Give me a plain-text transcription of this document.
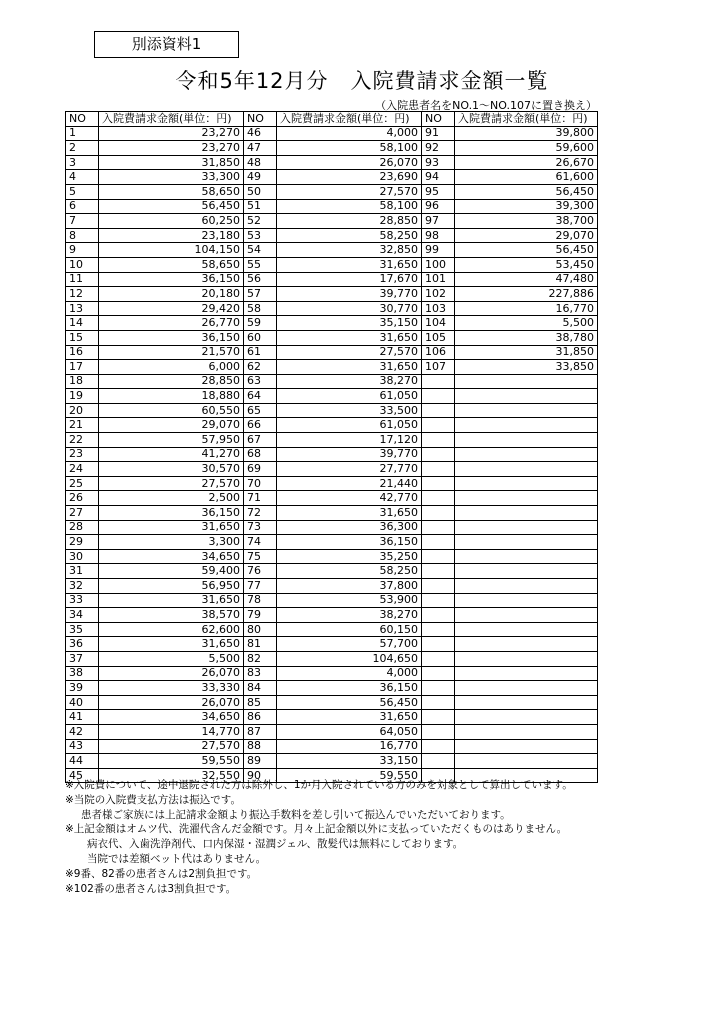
別添資料1
令和5年12月分　入院費請求金額一覧
（入院患者名をNO.1～NO.107に置き換え）
NO	入院費請求金額(単位：円)	NO	入院費請求金額(単位：円)	NO	入院費請求金額(単位：円)
1	23,270	46	4,000	91	39,800
2	23,270	47	58,100	92	59,600
3	31,850	48	26,070	93	26,670
4	33,300	49	23,690	94	61,600
5	58,650	50	27,570	95	56,450
6	56,450	51	58,100	96	39,300
7	60,250	52	28,850	97	38,700
8	23,180	53	58,250	98	29,070
9	104,150	54	32,850	99	56,450
10	58,650	55	31,650	100	53,450
11	36,150	56	17,670	101	47,480
12	20,180	57	39,770	102	227,886
13	29,420	58	30,770	103	16,770
14	26,770	59	35,150	104	5,500
15	36,150	60	31,650	105	38,780
16	21,570	61	27,570	106	31,850
17	6,000	62	31,650	107	33,850
18	28,850	63	38,270		
19	18,880	64	61,050		
20	60,550	65	33,500		
21	29,070	66	61,050		
22	57,950	67	17,120		
23	41,270	68	39,770		
24	30,570	69	27,770		
25	27,570	70	21,440		
26	2,500	71	42,770		
27	36,150	72	31,650		
28	31,650	73	36,300		
29	3,300	74	36,150		
30	34,650	75	35,250		
31	59,400	76	58,250		
32	56,950	77	37,800		
33	31,650	78	53,900		
34	38,570	79	38,270		
35	62,600	80	60,150		
36	31,650	81	57,700		
37	5,500	82	104,650		
38	26,070	83	4,000		
39	33,330	84	36,150		
40	26,070	85	56,450		
41	34,650	86	31,650		
42	14,770	87	64,050		
43	27,570	88	16,770		
44	59,550	89	33,150		
45	32,550	90	59,550		
※入院費について、途中退院された方は除外し、1か月入院されている方のみを対象として算出しています。
※当院の入院費支払方法は振込です。
患者様ご家族には上記請求金額より振込手数料を差し引いて振込んでいただいております。
※上記金額はオムツ代、洗濯代含んだ金額です。月々上記金額以外に支払っていただくものはありません。
病衣代、入歯洗浄剤代、口内保湿・湿潤ジェル、散髪代は無料にしております。
当院では差額ベット代はありません。
※9番、82番の患者さんは2割負担です。
※102番の患者さんは3割負担です。
